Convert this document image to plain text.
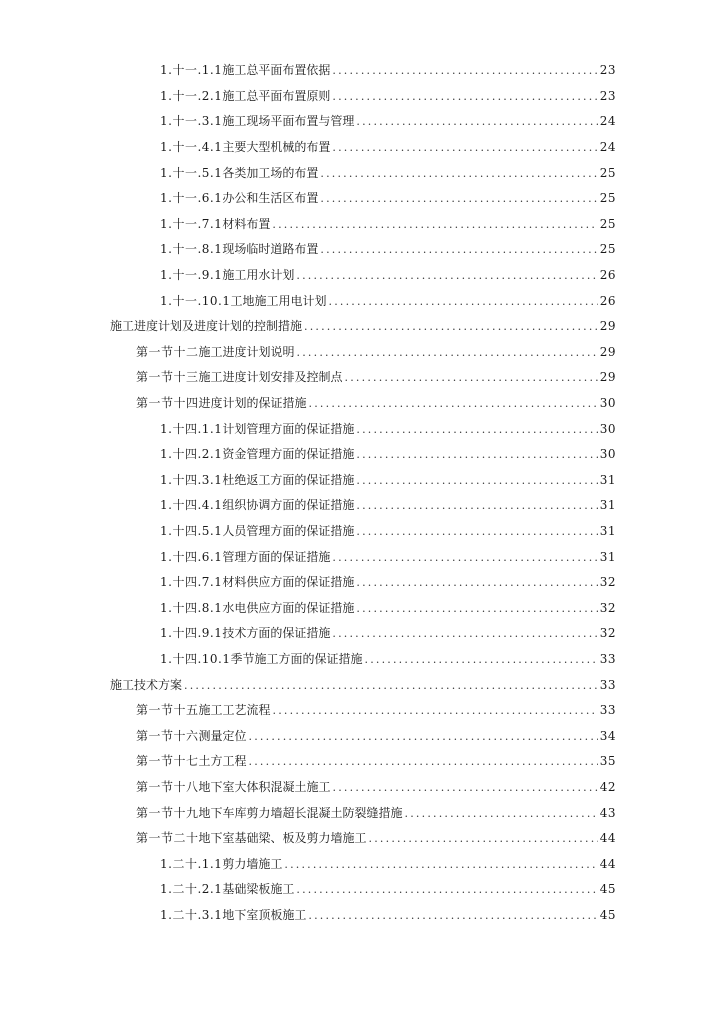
1.十一.1.1 施工总平面布置依据 .....	23
1.十一.2.1 施工总平面布置原则 .....	23
1.十一.3.1 施工现场平面布置与管理 .....	24
1.十一.4.1 主要大型机械的布置 .....	24
1.十一.5.1 各类加工场的布置 .....	25
1.十一.6.1 办公和生活区布置 .....	25
1.十一.7.1 材料布置 .....	25
1.十一.8.1 现场临时道路布置 .....	25
1.十一.9.1 施工用水计划 .....	26
1.十一.10.1 工地施工用电计划 .....	26
施工进度计划及进度计划的控制措施 .....	29
第一节十二 施工进度计划说明 .....	29
第一节十三 施工进度计划安排及控制点 .....	29
第一节十四 进度计划的保证措施 .....	30
1.十四.1.1 计划管理方面的保证措施 .....	30
1.十四.2.1 资金管理方面的保证措施 .....	30
1.十四.3.1 杜绝返工方面的保证措施 .....	31
1.十四.4.1 组织协调方面的保证措施 .....	31
1.十四.5.1 人员管理方面的保证措施 .....	31
1.十四.6.1 管理方面的保证措施 .....	31
1.十四.7.1 材料供应方面的保证措施 .....	32
1.十四.8.1 水电供应方面的保证措施 .....	32
1.十四.9.1 技术方面的保证措施 .....	32
1.十四.10.1 季节施工方面的保证措施 .....	33
施工技术方案 .....	33
第一节十五 施工工艺流程 .....	33
第一节十六 测量定位 .....	34
第一节十七 土方工程 .....	35
第一节十八 地下室大体积混凝土施工 .....	42
第一节十九 地下车库剪力墙超长混凝土防裂缝措施 .....	43
第一节二十 地下室基础梁、板及剪力墙施工 .....	44
1.二十.1.1 剪力墙施工 .....	44
1.二十.2.1 基础梁板施工 .....	45
1.二十.3.1 地下室顶板施工 .....	45
